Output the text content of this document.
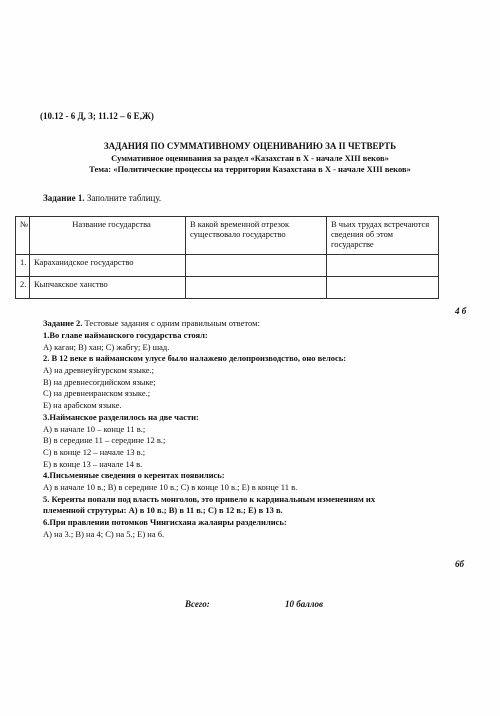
(10.12 - 6 Д, З; 11.12 – 6 Е,Ж)
ЗАДАНИЯ ПО СУММАТИВНОМУ ОЦЕНИВАНИЮ ЗА II ЧЕТВЕРТЬ
Суммативное оценивания за раздел «Казахстан в Х - начале XIII веков»
Тема: «Политические процессы на территории Казахстана в Х - начале XIII веков»
Задание 1. Заполните таблицу.
№	Название государства	В какой временной отрезок существовало государство	В чьих трудах встречаются сведения об этом государстве
1.	Караханидское государство		
2.	Кыпчакское ханство		
4 б
Задание 2. Тестовые задания с одним правильным ответом:
1.Во главе найманского государства стоял:
А) каган; В) хан; С) жабгу; Е) шад.
2. В 12 веке в найманском улусе было налажено делопроизводство, оно велось:
А) на древнеуйгурском языке.;
В) на древнесогдийском языке;
С) на древнеиранском языке.;
Е) на арабском языке.
3.Найманское разделилось на две части:
А) в начале 10 – конце 11 в.;
В) в середине 11 – середине 12 в.;
С) в конце 12 – начале 13 в.;
Е) в конце 13 – начале 14 в.
4.Письменные сведения о керентах появились:
А) в начале 10 в.; В) в середине 10 в.; С) в конце 10 в.; Е) в конце 11 в.
5. Кереиты попали под власть монголов, это привело к кардинальным изменениям их
племенной струтуры: А) в 10 в.; В) в 11 в.; С) в 12 в.; Е) в 13 в.
6.При правлении потомков Чингисхана жаланры разделились:
А) на 3.; В) на 4; С) на 5.; Е) на 6.
6б
Всего:	10 баллов
